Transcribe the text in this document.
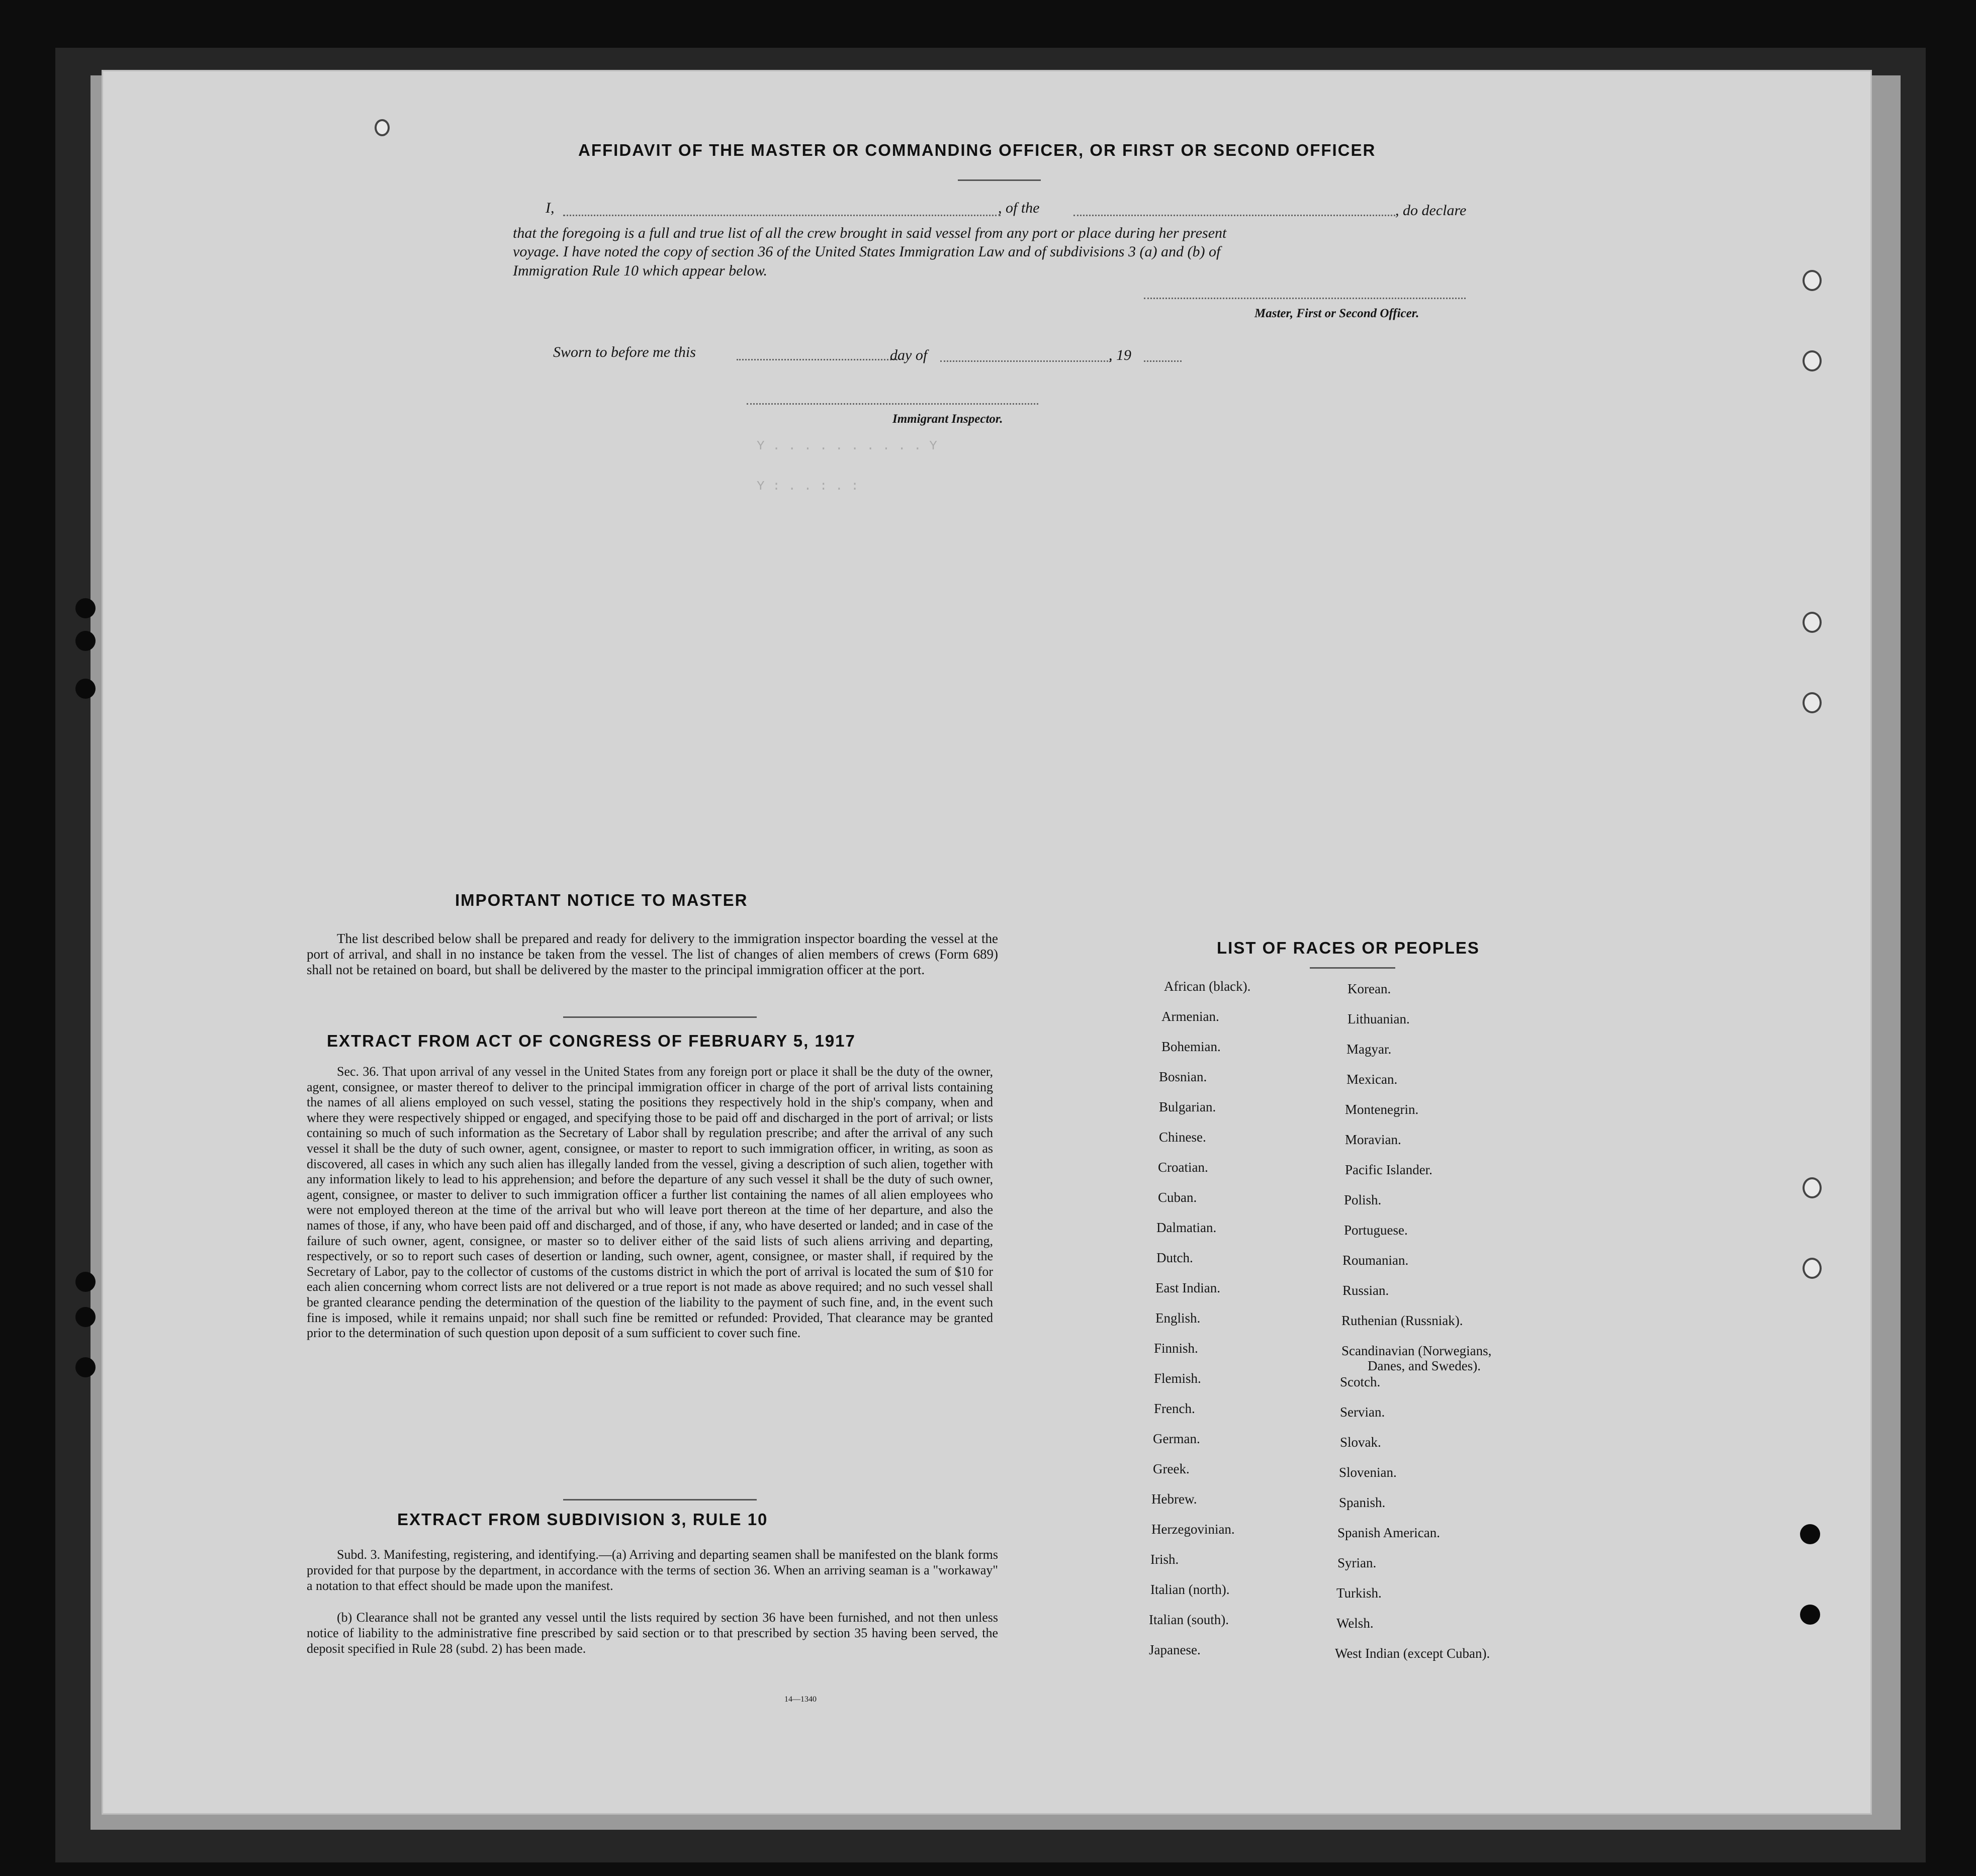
Y . . . . . . . . . . Y
Y : . . : . :
AFFIDAVIT OF THE MASTER OR COMMANDING OFFICER, OR FIRST OR SECOND OFFICER
I,	, of the	, do declare
that the foregoing is a full and true list of all the crew brought in said vessel from any port or place during her present
voyage. I have noted the copy of section 36 of the United States Immigration Law and of subdivisions 3 (a) and (b) of
Immigration Rule 10 which appear below.
Master, First or Second Officer.
Sworn to before me this	day of	, 19
Immigrant Inspector.
IMPORTANT NOTICE TO MASTER
The list described below shall be prepared and ready for delivery to the immigration inspector boarding the vessel at the port of arrival, and shall in no instance be taken from the vessel. The list of changes of alien members of crews (Form 689) shall not be retained on board, but shall be delivered by the master to the principal immigration officer at the port.
EXTRACT FROM ACT OF CONGRESS OF FEBRUARY 5, 1917
Sec. 36. That upon arrival of any vessel in the United States from any foreign port or place it shall be the duty of the owner, agent, consignee, or master thereof to deliver to the principal immigration officer in charge of the port of arrival lists containing the names of all aliens employed on such vessel, stating the positions they respectively hold in the ship's company, when and where they were respectively shipped or engaged, and specifying those to be paid off and discharged in the port of arrival; or lists containing so much of such information as the Secretary of Labor shall by regulation prescribe; and after the arrival of any such vessel it shall be the duty of such owner, agent, consignee, or master to report to such immigration officer, in writing, as soon as discovered, all cases in which any such alien has illegally landed from the vessel, giving a description of such alien, together with any information likely to lead to his apprehension; and before the departure of any such vessel it shall be the duty of such owner, agent, consignee, or master to deliver to such immigration officer a further list containing the names of all alien employees who were not employed thereon at the time of the arrival but who will leave port thereon at the time of her departure, and also the names of those, if any, who have been paid off and discharged, and of those, if any, who have deserted or landed; and in case of the failure of such owner, agent, consignee, or master so to deliver either of the said lists of such aliens arriving and departing, respectively, or so to report such cases of desertion or landing, such owner, agent, consignee, or master shall, if required by the Secretary of Labor, pay to the collector of customs of the customs district in which the port of arrival is located the sum of $10 for each alien concerning whom correct lists are not delivered or a true report is not made as above required; and no such vessel shall be granted clearance pending the determination of the question of the liability to the payment of such fine, and, in the event such fine is imposed, while it remains unpaid; nor shall such fine be remitted or refunded: Provided, That clearance may be granted prior to the determination of such question upon deposit of a sum sufficient to cover such fine.
EXTRACT FROM SUBDIVISION 3, RULE 10
Subd. 3. Manifesting, registering, and identifying.—(a) Arriving and departing seamen shall be manifested on the blank forms provided for that purpose by the department, in accordance with the terms of section 36. When an arriving seaman is a "workaway" a notation to that effect should be made upon the manifest.
(b) Clearance shall not be granted any vessel until the lists required by section 36 have been furnished, and not then unless notice of liability to the administrative fine prescribed by said section or to that prescribed by section 35 having been served, the deposit specified in Rule 28 (subd. 2) has been made.
14—1340
LIST OF RACES OR PEOPLES
African (black).
Armenian.
Bohemian.
Bosnian.
Bulgarian.
Chinese.
Croatian.
Cuban.
Dalmatian.
Dutch.
East Indian.
English.
Finnish.
Flemish.
French.
German.
Greek.
Hebrew.
Herzegovinian.
Irish.
Italian (north).
Italian (south).
Japanese.
Korean.
Lithuanian.
Magyar.
Mexican.
Montenegrin.
Moravian.
Pacific Islander.
Polish.
Portuguese.
Roumanian.
Russian.
Ruthenian (Russniak).
Scandinavian (Norwegians,
Danes, and Swedes).
Scotch.
Servian.
Slovak.
Slovenian.
Spanish.
Spanish American.
Syrian.
Turkish.
Welsh.
West Indian (except Cuban).
